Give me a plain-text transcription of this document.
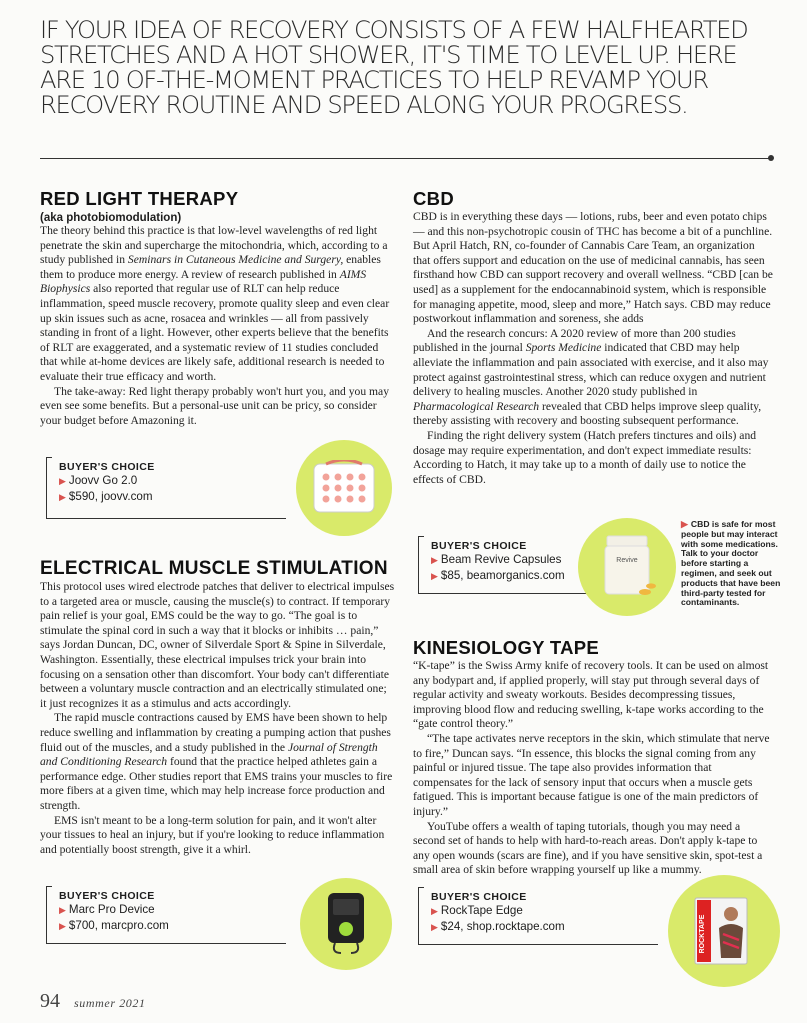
IF YOUR IDEA OF RECOVERY CONSISTS OF A FEW HALFHEARTED STRETCHES AND A HOT SHOWER, IT'S TIME TO LEVEL UP. HERE ARE 10 OF-THE-MOMENT PRACTICES TO HELP REVAMP YOUR RECOVERY ROUTINE AND SPEED ALONG YOUR PROGRESS.
RED LIGHT THERAPY
(aka photobiomodulation)

The theory behind this practice is that low-level wavelengths of red light penetrate the skin and supercharge the mitochondria, which, according to a study published in Seminars in Cutaneous Medicine and Surgery, enables them to produce more energy. A review of research published in AIMS Biophysics also reported that regular use of RLT can help reduce inflammation, speed muscle recovery, promote quality sleep and even clear up skin issues such as acne, rosacea and wrinkles — all from passively standing in front of a light. However, other experts believe that the benefits of RLT are exaggerated, and a systematic review of 11 studies concluded that while at-home devices are likely safe, additional research is needed to evaluate their true efficacy and worth.

The take-away: Red light therapy probably won't hurt you, and you may even see some benefits. But a personal-use unit can be pricy, so consider your budget before Amazoning it.

BUYER'S CHOICE
▶ Joovv Go 2.0
▶ $590, joovv.com
ELECTRICAL MUSCLE STIMULATION

This protocol uses wired electrode patches that deliver to electrical impulses to a targeted area or muscle, causing the muscle(s) to contract. If temporary pain relief is your goal, EMS could be the way to go. “The goal is to stimulate the spinal cord in such a way that it blocks or inhibits … pain,” says Jordan Duncan, DC, owner of Silverdale Sport & Spine in Silverdale, Washington. Essentially, these electrical impulses trick your brain into focusing on a sensation other than discomfort. Your body can't differentiate between a voluntary muscle contraction and an electrically stimulated one; it just recognizes it as a stimulus and acts accordingly.

The rapid muscle contractions caused by EMS have been shown to help reduce swelling and inflammation by creating a pumping action that pushes fluid out of the muscles, and a study published in the Journal of Strength and Conditioning Research found that the practice helped athletes gain a performance edge. Other studies report that EMS trains your muscles to fire more fibers at a given time, which may help increase force production and strength.

EMS isn't meant to be a long-term solution for pain, and it won't alter your tissues to heal an injury, but if you're looking to reduce inflammation and potentially boost strength, give it a whirl.

BUYER'S CHOICE
▶ Marc Pro Device
▶ $700, marcpro.com
CBD

CBD is in everything these days — lotions, rubs, beer and even potato chips — and this non-psychotropic cousin of THC has become a bit of a punchline. But April Hatch, RN, co-founder of Cannabis Care Team, an organization that offers support and education on the use of medicinal cannabis, has seen firsthand how CBD can support recovery and overall wellness. “CBD [can be used] as a supplement for the endocannabinoid system, which is responsible for managing appetite, mood, sleep and more,” Hatch says. CBD may reduce postworkout inflammation and soreness, she adds

And the research concurs: A 2020 review of more than 200 studies published in the journal Sports Medicine indicated that CBD may help alleviate the inflammation and pain associated with exercise, and it also may protect against gastrointestinal stress, which can reduce oxygen and nutrient delivery to healing muscles. Another 2020 study published in Pharmacological Research revealed that CBD helps improve sleep quality, thereby assisting with recovery and boosting subsequent performance.

Finding the right delivery system (Hatch prefers tinctures and oils) and dosage may require experimentation, and don't expect immediate results: According to Hatch, it may take up to a month of daily use to notice the effects of CBD.

BUYER'S CHOICE
▶ Beam Revive Capsules
▶ $85, beamorganics.com
Revive
▶ CBD is safe for most people but may interact with some medications. Talk to your doctor before starting a regimen, and seek out products that have been third-party tested for contaminants.
KINESIOLOGY TAPE

“K-tape” is the Swiss Army knife of recovery tools. It can be used on almost any bodypart and, if applied properly, will stay put through several days of regular activity and sweaty workouts. Besides decompressing tissues, improving blood flow and reducing swelling, k-tape works according to the “gate control theory.”

“The tape activates nerve receptors in the skin, which stimulate that nerve to fire,” Duncan says. “In essence, this blocks the signal coming from any painful or injured tissue. The tape also provides information that compensates for the lack of sensory input that occurs when a muscle gets fatigued. This is important because fatigue is one of the main predictors of injury.”

YouTube offers a wealth of taping tutorials, though you may need a second set of hands to help with hard-to-reach areas. Don't apply k-tape to any open wounds (scars are fine), and if you have sensitive skin, spot-test a small area of skin before wrapping yourself up like a mummy.

BUYER'S CHOICE
▶ RockTape Edge
▶ $24, shop.rocktape.com	ROCKTAPE
94 summer 2021
